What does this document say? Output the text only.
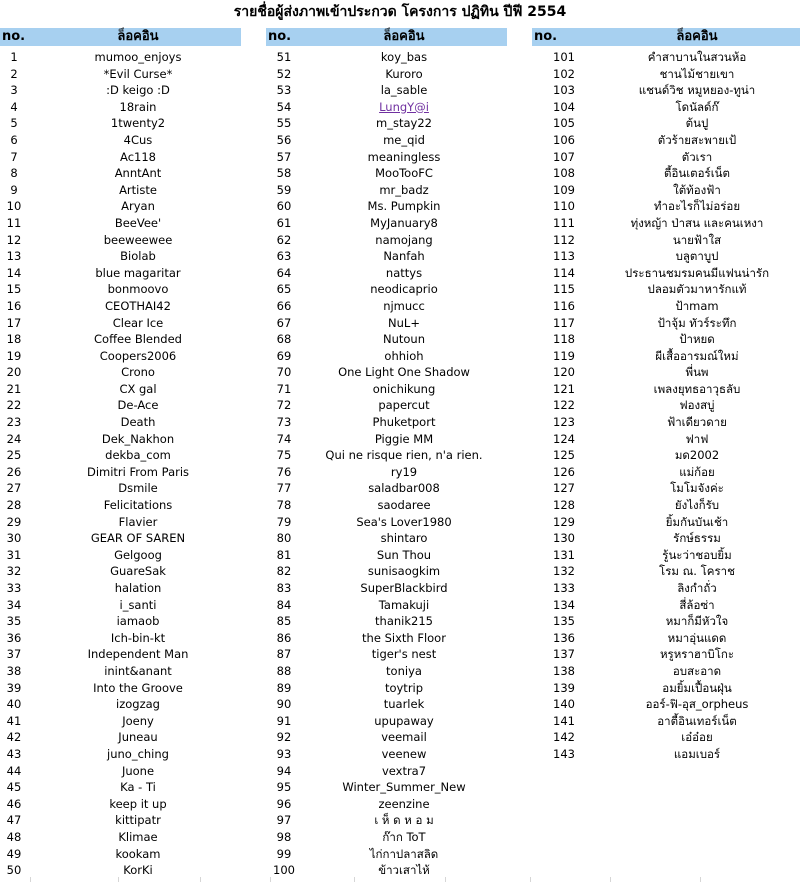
รายชื่อผู้ส่งภาพเข้าประกวด โครงการ ปฏิทิน ปีฟี 2554
no.	ล็อคอิน
1	mumoo_enjoys
2	*Evil Curse*
3	:D keigo :D
4	18rain
5	1twenty2
6	4Cus
7	Ac118
8	AnntAnt
9	Artiste
10	Aryan
11	BeeVee'
12	beeweewee
13	Biolab
14	blue magaritar
15	bonmoovo
16	CEOTHAI42
17	Clear Ice
18	Coffee Blended
19	Coopers2006
20	Crono
21	CX gal
22	De-Ace
23	Death
24	Dek_Nakhon
25	dekba_com
26	Dimitri From Paris
27	Dsmile
28	Felicitations
29	Flavier
30	GEAR OF SAREN
31	Gelgoog
32	GuareSak
33	halation
34	i_santi
35	iamaob
36	Ich-bin-kt
37	Independent Man
38	inint&anant
39	Into the Groove
40	izogzag
41	Joeny
42	Juneau
43	juno_ching
44	Juone
45	Ka - Ti
46	keep it up
47	kittipatr
48	Klimae
49	kookam
50	KorKi
no.	ล็อคอิน
51	koy_bas
52	Kuroro
53	la_sable
54	LungY@i
55	m_stay22
56	me_qid
57	meaningless
58	MooTooFC
59	mr_badz
60	Ms. Pumpkin
61	MyJanuary8
62	namojang
63	Nanfah
64	nattys
65	neodicaprio
66	njmucc
67	NuL+
68	Nutoun
69	ohhioh
70	One Light One Shadow
71	onichikung
72	papercut
73	Phuketport
74	Piggie MM
75	Qui ne risque rien, n'a rien.
76	ry19
77	saladbar008
78	saodaree
79	Sea's Lover1980
80	shintaro
81	Sun Thou
82	sunisaogkim
83	SuperBlackbird
84	Tamakuji
85	thanik215
86	the Sixth Floor
87	tiger's nest
88	toniya
89	toytrip
90	tuarlek
91	upupaway
92	veemail
93	veenew
94	vextra7
95	Winter_Summer_New
96	zeenzine
97	เ ห็ ด ห อ ม
98	ก๊าก ToT
99	ไก่กาปลาสลิด
100	ข้าวเสาไห้
no.	ล็อคอิน
101	คำสาบานในสวนห้อ
102	ชานไม้ชายเขา
103	แชนด์วิช หมูหยอง-ทูน่า
104	โดนัลด์ก๊
105	ต้นปู
106	ตัวร้ายสะพายเป้
107	ตัวเรา
108	ตี้อินเตอร์เน็ต
109	ใต้ท้องฟ้า
110	ทำอะไรก็ไม่อร่อย
111	ทุ่งหญ้า ป่าสน และคนเหงา
112	นายฟ้าใส
113	บลูตาบูป
114	ประธานชมรมคนมีแฟนน่ารัก
115	ปลอมตัวมาหารักแท้
116	ป้าmam
117	ป้าจุ้ม ทัวร์ระทึก
118	ป้าหยด
119	ผีเสื้ออารมณ์ใหม่
120	พี่นพ
121	เพลงยุทธอาวุธลับ
122	ฟองสบู่
123	ฟ้าเดียวดาย
124	ฟาฟ
125	มด2002
126	แม่ก้อย
127	โมโมจังค่ะ
128	ยังไงก็รับ
129	ยิ้มกันบันเช้า
130	รักษ์ธรรม
131	รู้นะว่าชอบยิ้ม
132	โรม ณ. โคราช
133	ลิงกำถั่ว
134	สี่ล้อซ่า
135	หมาก็มีหัวใจ
136	หมาอุ่นแดด
137	หรูหราฮาบิโกะ
138	อบสะอาด
139	อมยิ้มเปื้อนฝุ่น
140	ออร์-ฟิ-อุส_orpheus
141	อาตี้อินเทอร์เน็ต
142	เอ๋อ๋อย
143	แอมเบอร์
